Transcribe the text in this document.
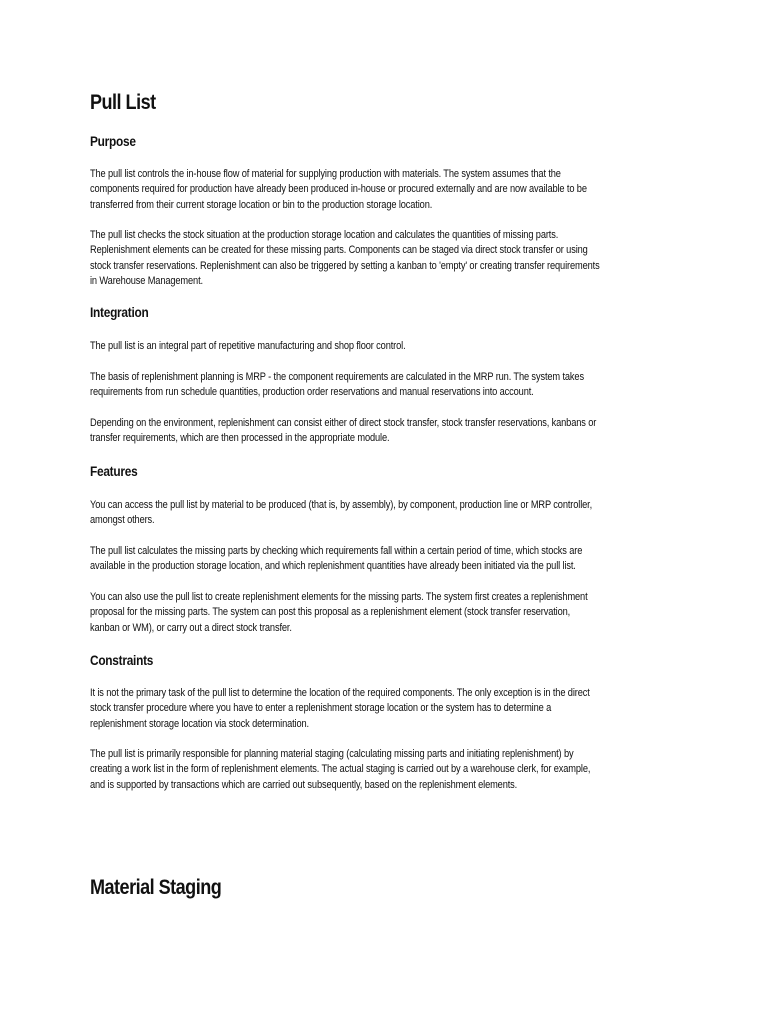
Pull List
Purpose
The pull list controls the in-house flow of material for supplying production with materials. The system assumes that the
components required for production have already been produced in-house or procured externally and are now available to be
transferred from their current storage location or bin to the production storage location.
The pull list checks the stock situation at the production storage location and calculates the quantities of missing parts.
Replenishment elements can be created for these missing parts. Components can be staged via direct stock transfer or using
stock transfer reservations. Replenishment can also be triggered by setting a kanban to 'empty' or creating transfer requirements
in Warehouse Management.
Integration
The pull list is an integral part of repetitive manufacturing and shop floor control.
The basis of replenishment planning is MRP - the component requirements are calculated in the MRP run. The system takes
requirements from run schedule quantities, production order reservations and manual reservations into account.
Depending on the environment, replenishment can consist either of direct stock transfer, stock transfer reservations, kanbans or
transfer requirements, which are then processed in the appropriate module.
Features
You can access the pull list by material to be produced (that is, by assembly), by component, production line or MRP controller,
amongst others.
The pull list calculates the missing parts by checking which requirements fall within a certain period of time, which stocks are
available in the production storage location, and which replenishment quantities have already been initiated via the pull list.
You can also use the pull list to create replenishment elements for the missing parts. The system first creates a replenishment
proposal for the missing parts. The system can post this proposal as a replenishment element (stock transfer reservation,
kanban or WM), or carry out a direct stock transfer.
Constraints
It is not the primary task of the pull list to determine the location of the required components. The only exception is in the direct
stock transfer procedure where you have to enter a replenishment storage location or the system has to determine a
replenishment storage location via stock determination.
The pull list is primarily responsible for planning material staging (calculating missing parts and initiating replenishment) by
creating a work list in the form of replenishment elements. The actual staging is carried out by a warehouse clerk, for example,
and is supported by transactions which are carried out subsequently, based on the replenishment elements.
Material Staging
